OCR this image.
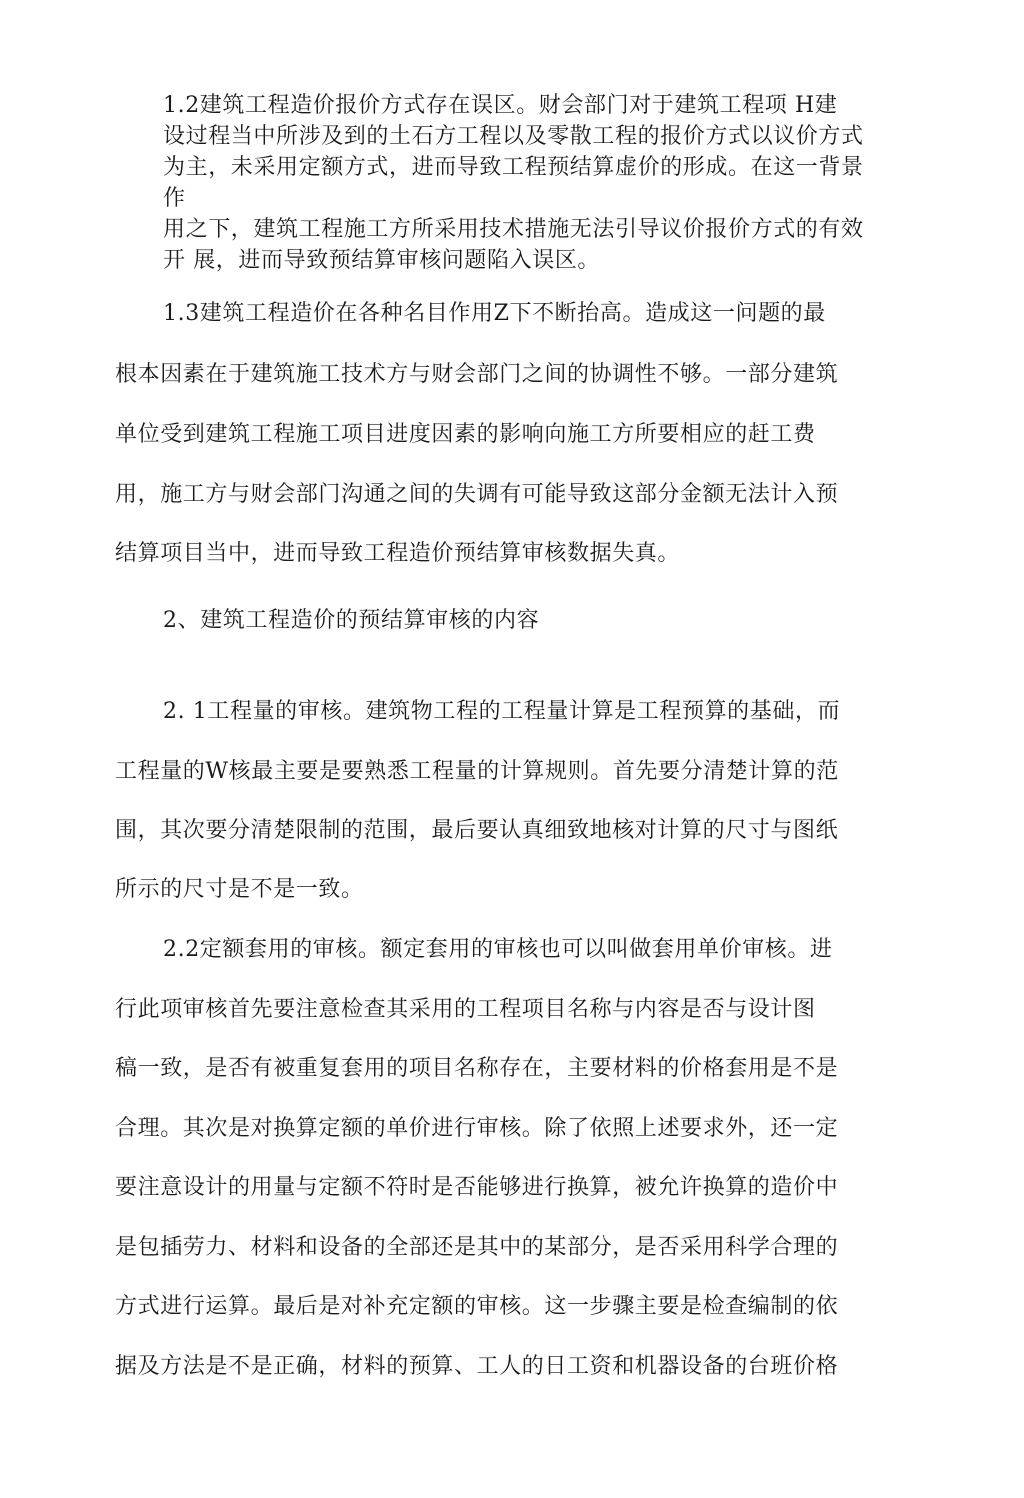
1.2建筑工程造价报价方式存在误区。财会部门对于建筑工程项 H建
设过程当中所涉及到的土石方工程以及零散工程的报价方式以议价方式
为主，未采用定额方式，进而导致工程预结算虚价的形成。在这一背景
作
用之下，建筑工程施工方所采用技术措施无法引导议价报价方式的有效
开 展，进而导致预结算审核问题陷入误区。
1.3建筑工程造价在各种名目作用Z下不断抬高。造成这一问题的最
根本因素在于建筑施工技术方与财会部门之间的协调性不够。一部分建筑
单位受到建筑工程施工项目进度因素的影响向施工方所要相应的赶工费
用，施工方与财会部门沟通之间的失调有可能导致这部分金额无法计入预
结算项目当中，进而导致工程造价预结算审核数据失真。
2、建筑工程造价的预结算审核的内容
2. 1工程量的审核。建筑物工程的工程量计算是工程预算的基础，而
工程量的W核最主要是要熟悉工程量的计算规则。首先要分清楚计算的范
围，其次要分清楚限制的范围，最后要认真细致地核对计算的尺寸与图纸
所示的尺寸是不是一致。
2.2定额套用的审核。额定套用的审核也可以叫做套用单价审核。进
行此项审核首先要注意检查其采用的工程项目名称与内容是否与设计图
稿一致，是否有被重复套用的项目名称存在，主要材料的价格套用是不是
合理。其次是对换算定额的单价进行审核。除了依照上述要求外，还一定
要注意设计的用量与定额不符时是否能够进行换算，被允许换算的造价中
是包插劳力、材料和设备的全部还是其中的某部分，是否采用科学合理的
方式进行运算。最后是对补充定额的审核。这一步骤主要是检查编制的依
据及方法是不是正确，材料的预算、工人的日工资和机器设备的台班价格
